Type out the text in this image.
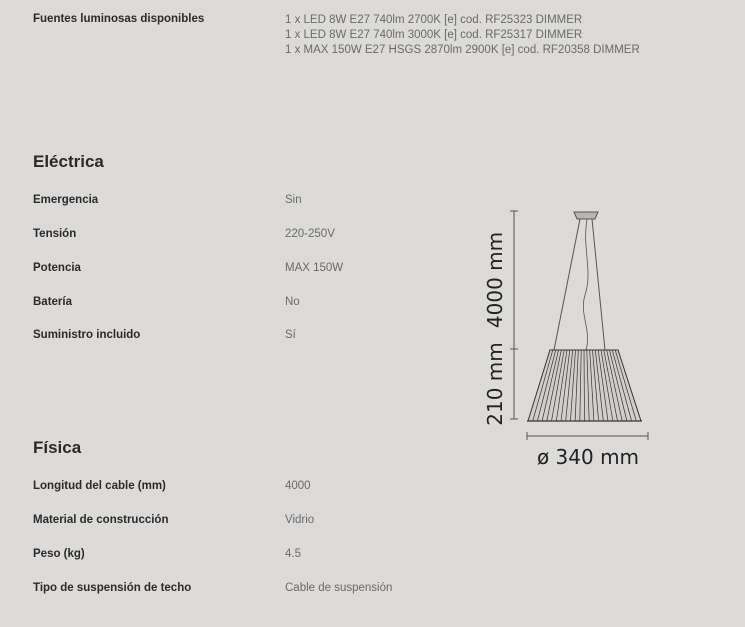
Fuentes luminosas disponibles	1 x LED 8W E27 740lm 2700K [e] cod. RF25323 DIMMER
1 x LED 8W E27 740lm 3000K [e] cod. RF25317 DIMMER
1 x MAX 150W E27 HSGS 2870lm 2900K [e] cod. RF20358 DIMMER
Eléctrica
Emergencia	Sin
Tensión	220-250V
Potencia	MAX 150W
Batería	No
Suministro incluido	Sí
Física
Longitud del cable (mm)	4000
Material de construcción	Vidrio
Peso (kg)	4.5
Tipo de suspensión de techo	Cable de suspensión
4000 mm
210 mm
ø 340 mm
